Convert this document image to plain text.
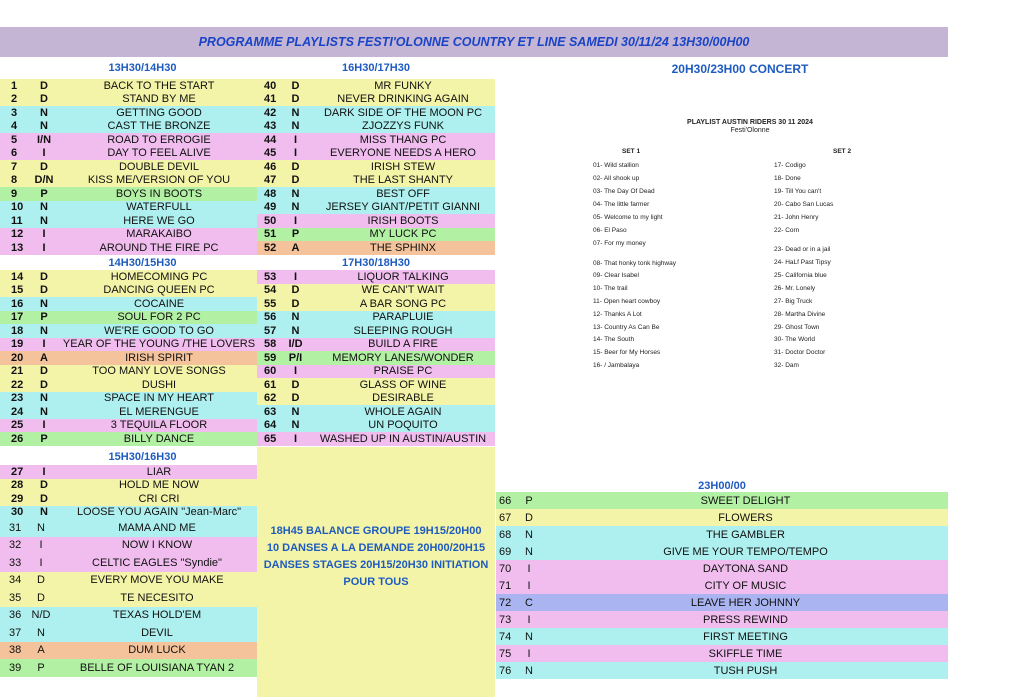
PROGRAMME PLAYLISTS FESTI'OLONNE COUNTRY ET LINE SAMEDI 30/11/24 13H30/00H00
13H30/14H30
14H30/15H30
15H30/16H30
16H30/17H30
17H30/18H30
20H30/23H00 CONCERT
23H00/00
18H45 BALANCE GROUPE 19H15/20H00
10 DANSES A LA DEMANDE 20H00/20H15
DANSES STAGES 20H15/20H30 INITIATION
POUR TOUS
1	D	BACK TO THE START
2	D	STAND BY ME
3	N	GETTING GOOD
4	N	CAST THE BRONZE
5	I/N	ROAD TO ERROGIE
6	I	DAY TO FEEL ALIVE
7	D	DOUBLE DEVIL
8	D/N	KISS ME/VERSION OF YOU
9	P	BOYS IN BOOTS
10	N	WATERFULL
11	N	HERE WE GO
12	I	MARAKAIBO
13	I	AROUND THE FIRE PC
14	D	HOMECOMING PC
15	D	DANCING QUEEN PC
16	N	COCAINE
17	P	SOUL FOR 2 PC
18	N	WE'RE GOOD TO GO
19	I	YEAR OF THE YOUNG /THE LOVERS
20	A	IRISH SPIRIT
21	D	TOO MANY LOVE SONGS
22	D	DUSHI
23	N	SPACE IN MY HEART
24	N	EL MERENGUE
25	I	3 TEQUILA FLOOR
26	P	BILLY DANCE
27	I	LIAR
28	D	HOLD ME NOW
29	D	CRI CRI
30	N	LOOSE YOU AGAIN "Jean-Marc"
31	N	MAMA AND ME
32	I	NOW I KNOW
33	I	CELTIC EAGLES "Syndie"
34	D	EVERY MOVE YOU MAKE
35	D	TE NECESITO
36 N/D	TEXAS HOLD'EM
37	N	DEVIL
38	A	DUM LUCK
39	P	BELLE OF LOUISIANA TYAN 2
40	D	MR FUNKY
41	D	NEVER DRINKING AGAIN
42	N	DARK SIDE OF THE MOON PC
43	N	ZJOZZYS FUNK
44	I	MISS THANG PC
45	I	EVERYONE NEEDS A HERO
46	D	IRISH STEW
47	D	THE LAST SHANTY
48	N	BEST OFF
49	N	JERSEY GIANT/PETIT GIANNI
50	I	IRISH BOOTS
51	P	MY LUCK PC
52	A	THE SPHINX
53	I	LIQUOR TALKING
54	D	WE CAN'T WAIT
55	D	A BAR SONG PC
56	N	PARAPLUIE
57	N	SLEEPING ROUGH
58	I/D	BUILD A FIRE
59	P/I	MEMORY LANES/WONDER
60	I	PRAISE PC
61	D	GLASS OF WINE
62	D	DESIRABLE
63	N	WHOLE AGAIN
64	N	UN POQUITO
65	I	WASHED UP IN AUSTIN/AUSTIN
66	P	SWEET DELIGHT
67	D	FLOWERS
68	N	THE GAMBLER
69	N	GIVE ME YOUR TEMPO/TEMPO
70	I	DAYTONA SAND
71	I	CITY OF MUSIC
72	C	LEAVE HER JOHNNY
73	I	PRESS REWIND
74	N	FIRST MEETING
75	I	SKIFFLE TIME
76	N	TUSH PUSH
PLAYLIST AUSTIN RIDERS 30 11 2024
Festi'Olonne
SET 1	SET 2
01- Wild stallion
02- All shook up
03- The Day Of Dead
04- The little farmer
05- Welcome to my light
06- El Paso
07- For my money
08- That honky tonk highway
09- Clear Isabel
10- The trail
11- Open heart cowboy
12- Thanks A Lot
13- Country As Can Be
14- The South
15- Beer for My Horses
16- / Jambalaya
17- Codigo
18- Done
19- Till You can't
20- Cabo San Lucas
21- John Henry
22- Corn
23- Dead or in a jail
24- HaLf Past Tipsy
25- California blue
26- Mr. Lonely
27- Big Truck
28- Martha Divine
29- Ghost Town
30- The World
31- Doctor Doctor
32- Dam
